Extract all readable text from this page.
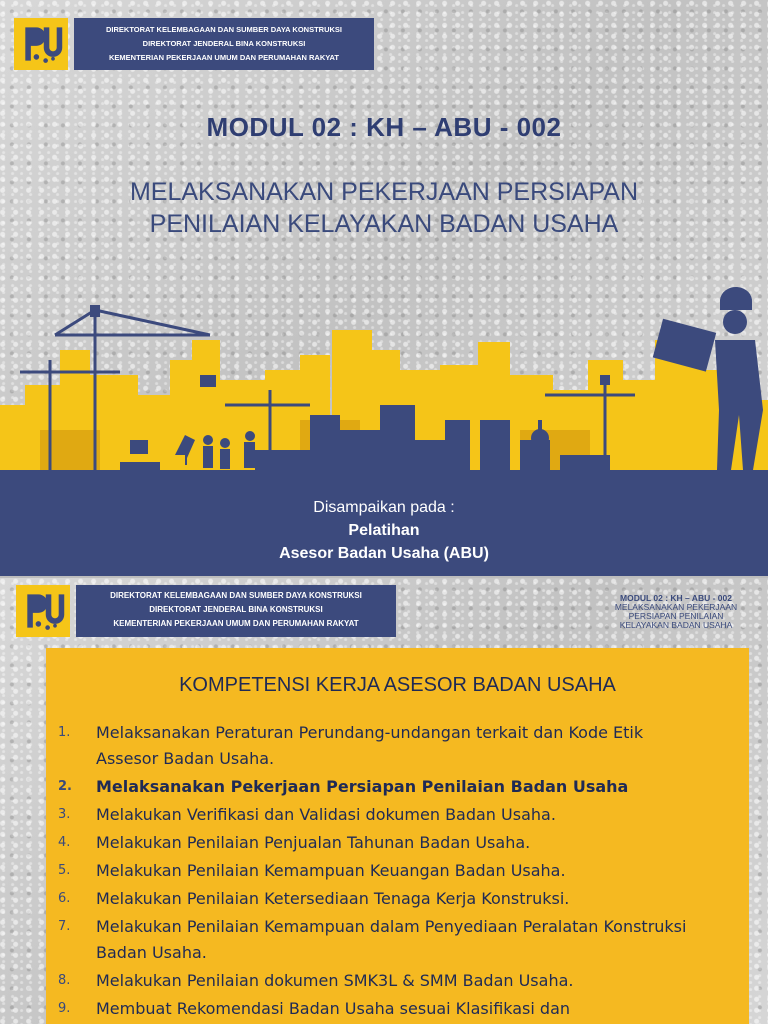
DIREKTORAT KELEMBAGAAN DAN SUMBER DAYA KONSTRUKSI
DIREKTORAT JENDERAL BINA KONSTRUKSI
KEMENTERIAN PEKERJAAN UMUM DAN PERUMAHAN RAKYAT
MODUL 02 : KH – ABU - 002
MELAKSANAKAN PEKERJAAN PERSIAPAN
PENILAIAN KELAYAKAN BADAN USAHA
Disampaikan pada :
Pelatihan
Asesor Badan Usaha (ABU)
DIREKTORAT KELEMBAGAAN DAN SUMBER DAYA KONSTRUKSI
DIREKTORAT JENDERAL BINA KONSTRUKSI
KEMENTERIAN PEKERJAAN UMUM DAN PERUMAHAN RAKYAT
MODUL 02 : KH – ABU - 002
MELAKSANAKAN PEKERJAAN
PERSIAPAN PENILAIAN
KELAYAKAN BADAN USAHA
KOMPETENSI KERJA ASESOR BADAN USAHA
1.	Melaksanakan Peraturan Perundang-undangan terkait dan Kode Etik Assesor Badan Usaha.
2.	Melaksanakan Pekerjaan Persiapan Penilaian Badan Usaha
3.	Melakukan Verifikasi dan Validasi dokumen Badan Usaha.
4.	Melakukan Penilaian Penjualan Tahunan Badan Usaha.
5.	Melakukan Penilaian Kemampuan Keuangan Badan Usaha.
6.	Melakukan Penilaian Ketersediaan Tenaga Kerja Konstruksi.
7.	Melakukan Penilaian Kemampuan dalam Penyediaan Peralatan Konstruksi Badan Usaha.
8.	Melakukan Penilaian dokumen SMK3L & SMM Badan Usaha.
9.	Membuat Rekomendasi Badan Usaha sesuai Klasifikasi dan
